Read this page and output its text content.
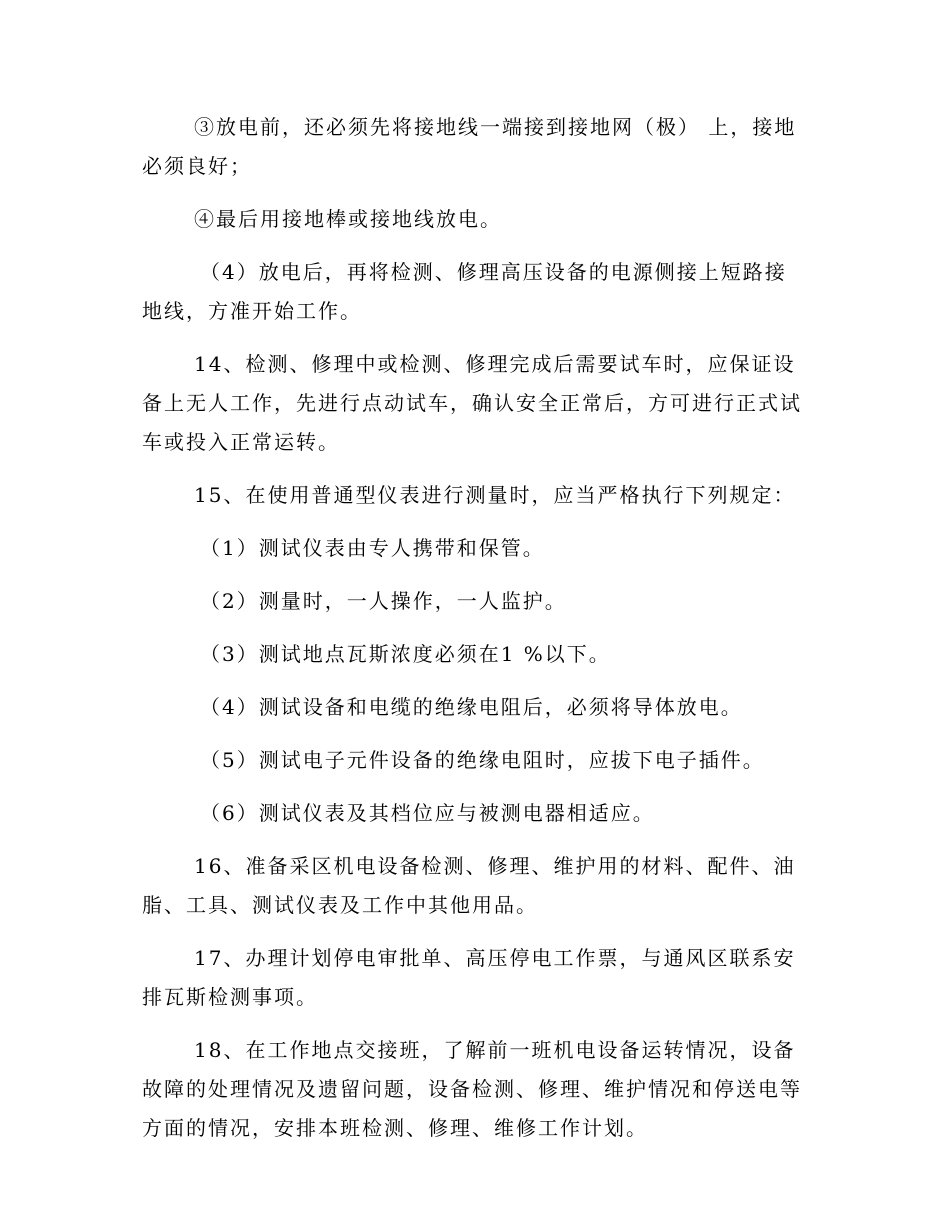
③放电前，还必须先将接地线一端接到接地网（极） 上，接地必须良好；

④最后用接地棒或接地线放电。

（4）放电后，再将检测、修理高压设备的电源侧接上短路接地线，方准开始工作。

14、检测、修理中或检测、修理完成后需要试车时，应保证设备上无人工作，先进行点动试车，确认安全正常后，方可进行正式试车或投入正常运转。

15、在使用普通型仪表进行测量时，应当严格执行下列规定：

（1）测试仪表由专人携带和保管。

（2）测量时，一人操作，一人监护。

（3）测试地点瓦斯浓度必须在1 %以下。

（4）测试设备和电缆的绝缘电阻后，必须将导体放电。

（5）测试电子元件设备的绝缘电阻时，应拔下电子插件。

（6）测试仪表及其档位应与被测电器相适应。

16、准备采区机电设备检测、修理、维护用的材料、配件、油脂、工具、测试仪表及工作中其他用品。

17、办理计划停电审批单、高压停电工作票，与通风区联系安排瓦斯检测事项。

18、在工作地点交接班，了解前一班机电设备运转情况，设备故障的处理情况及遗留问题，设备检测、修理、维护情况和停送电等方面的情况，安排本班检测、修理、维修工作计划。
